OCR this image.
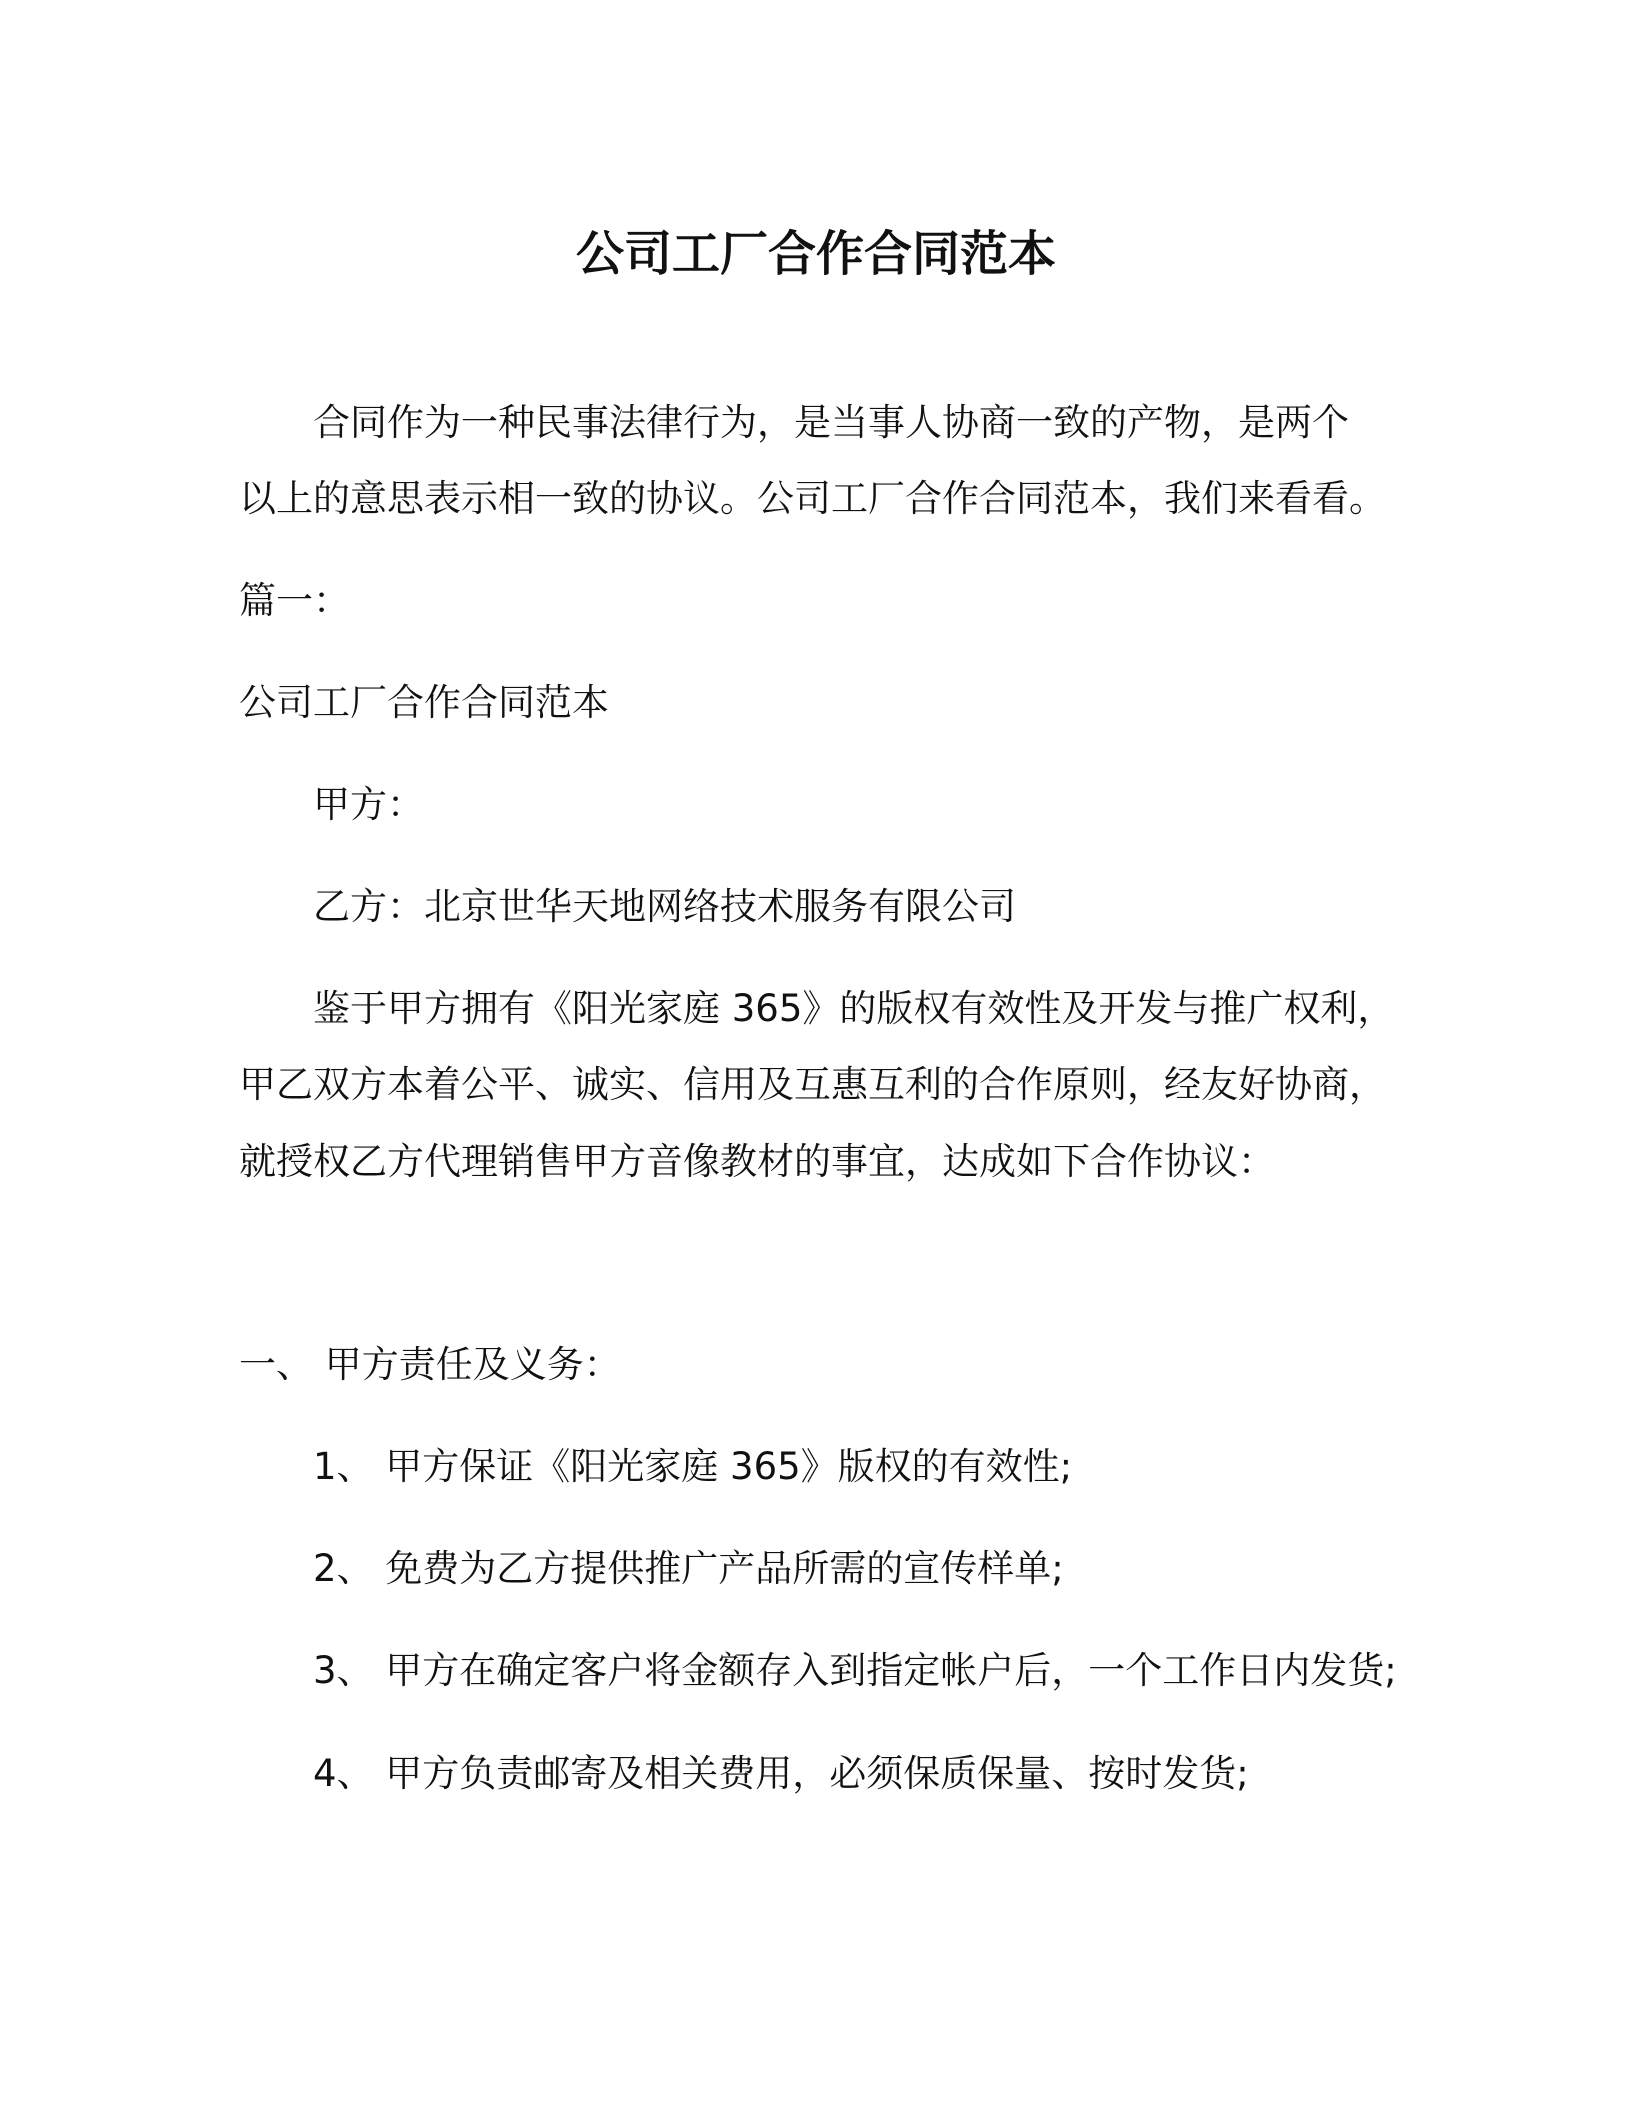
公司工厂合作合同范本
合同作为一种民事法律行为，是当事人协商一致的产物，是两个
以上的意思表示相一致的协议。公司工厂合作合同范本，我们来看看。
篇一：
公司工厂合作合同范本
甲方：
乙方：北京世华天地网络技术服务有限公司
鉴于甲方拥有《阳光家庭 365》的版权有效性及开发与推广权利，
甲乙双方本着公平、诚实、信用及互惠互利的合作原则，经友好协商，
就授权乙方代理销售甲方音像教材的事宜，达成如下合作协议：
一、 甲方责任及义务：
1、 甲方保证《阳光家庭 365》版权的有效性;
2、 免费为乙方提供推广产品所需的宣传样单;
3、 甲方在确定客户将金额存入到指定帐户后，一个工作日内发货;
4、 甲方负责邮寄及相关费用，必须保质保量、按时发货;
